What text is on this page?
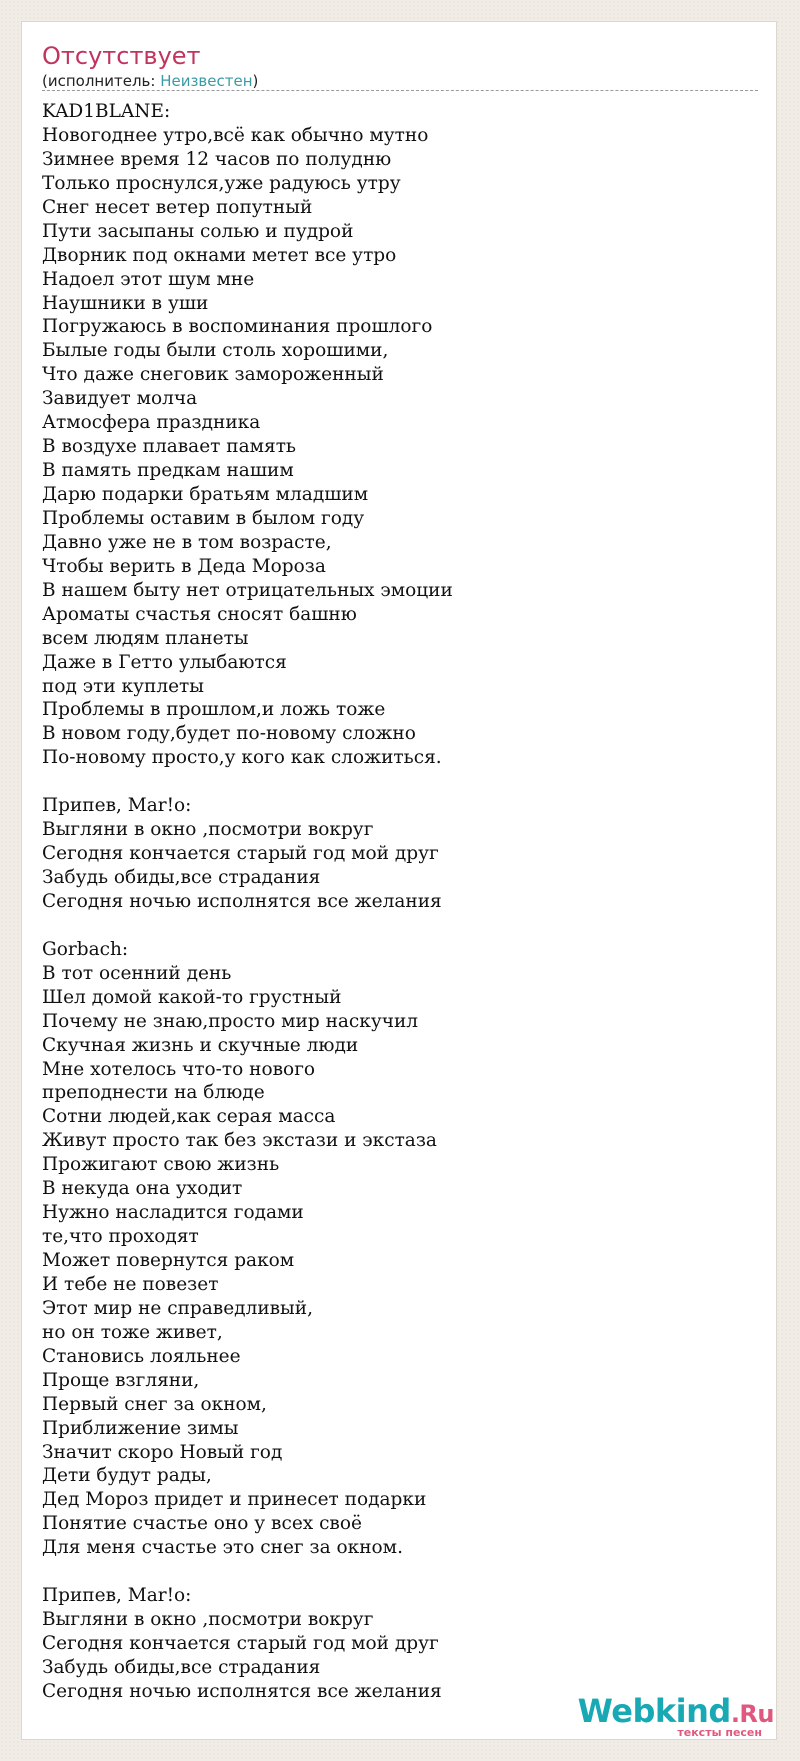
Отсутствует
(исполнитель: Неизвестен)
KAD1BLANE:
Новогоднее утро,всё как обычно мутно
Зимнее время 12 часов по полудню
Только проснулся,уже радуюсь утру
Снег несет ветер попутный
Пути засыпаны солью и пудрой
Дворник под окнами метет все утро
Надоел этот шум мне
Наушники в уши
Погружаюсь в воспоминания прошлого
Былые годы были столь хорошими,
Что даже снеговик замороженный
Завидует молча
Атмосфера праздника
В воздухе плавает память
В память предкам нашим
Дарю подарки братьям младшим
Проблемы оставим в былом году
Давно уже не в том возрасте,
Чтобы верить в Деда Мороза
В нашем быту нет отрицательных эмоции
Ароматы счастья сносят башню
всем людям планеты
Даже в Гетто улыбаются
под эти куплеты
Проблемы в прошлом,и ложь тоже
В новом году,будет по-новому сложно
По-новому просто,у кого как сложиться.
Припев, Mar!o:
Выгляни в окно ,посмотри вокруг
Сегодня кончается старый год мой друг
Забудь обиды,все страдания
Сегодня ночью исполнятся все желания
Gorbach:
В тот осенний день
Шел домой какой-то грустный
Почему не знаю,просто мир наскучил
Скучная жизнь и скучные люди
Мне хотелось что-то нового
преподнести на блюде
Сотни людей,как серая масса
Живут просто так без экстази и экстаза
Прожигают свою жизнь
В некуда она уходит
Нужно насладится годами
те,что проходят
Может повернутся раком
И тебе не повезет
Этот мир не справедливый,
но он тоже живет,
Становись лояльнее
Проще взгляни,
Первый снег за окном,
Приближение зимы
Значит скоро Новый год
Дети будут рады,
Дед Мороз придет и принесет подарки
Понятие счастье оно у всех своё
Для меня счастье это снег за окном.
Припев, Mar!o:
Выгляни в окно ,посмотри вокруг
Сегодня кончается старый год мой друг
Забудь обиды,все страдания
Сегодня ночью исполнятся все желания
Webkind.Ru
тексты песен
